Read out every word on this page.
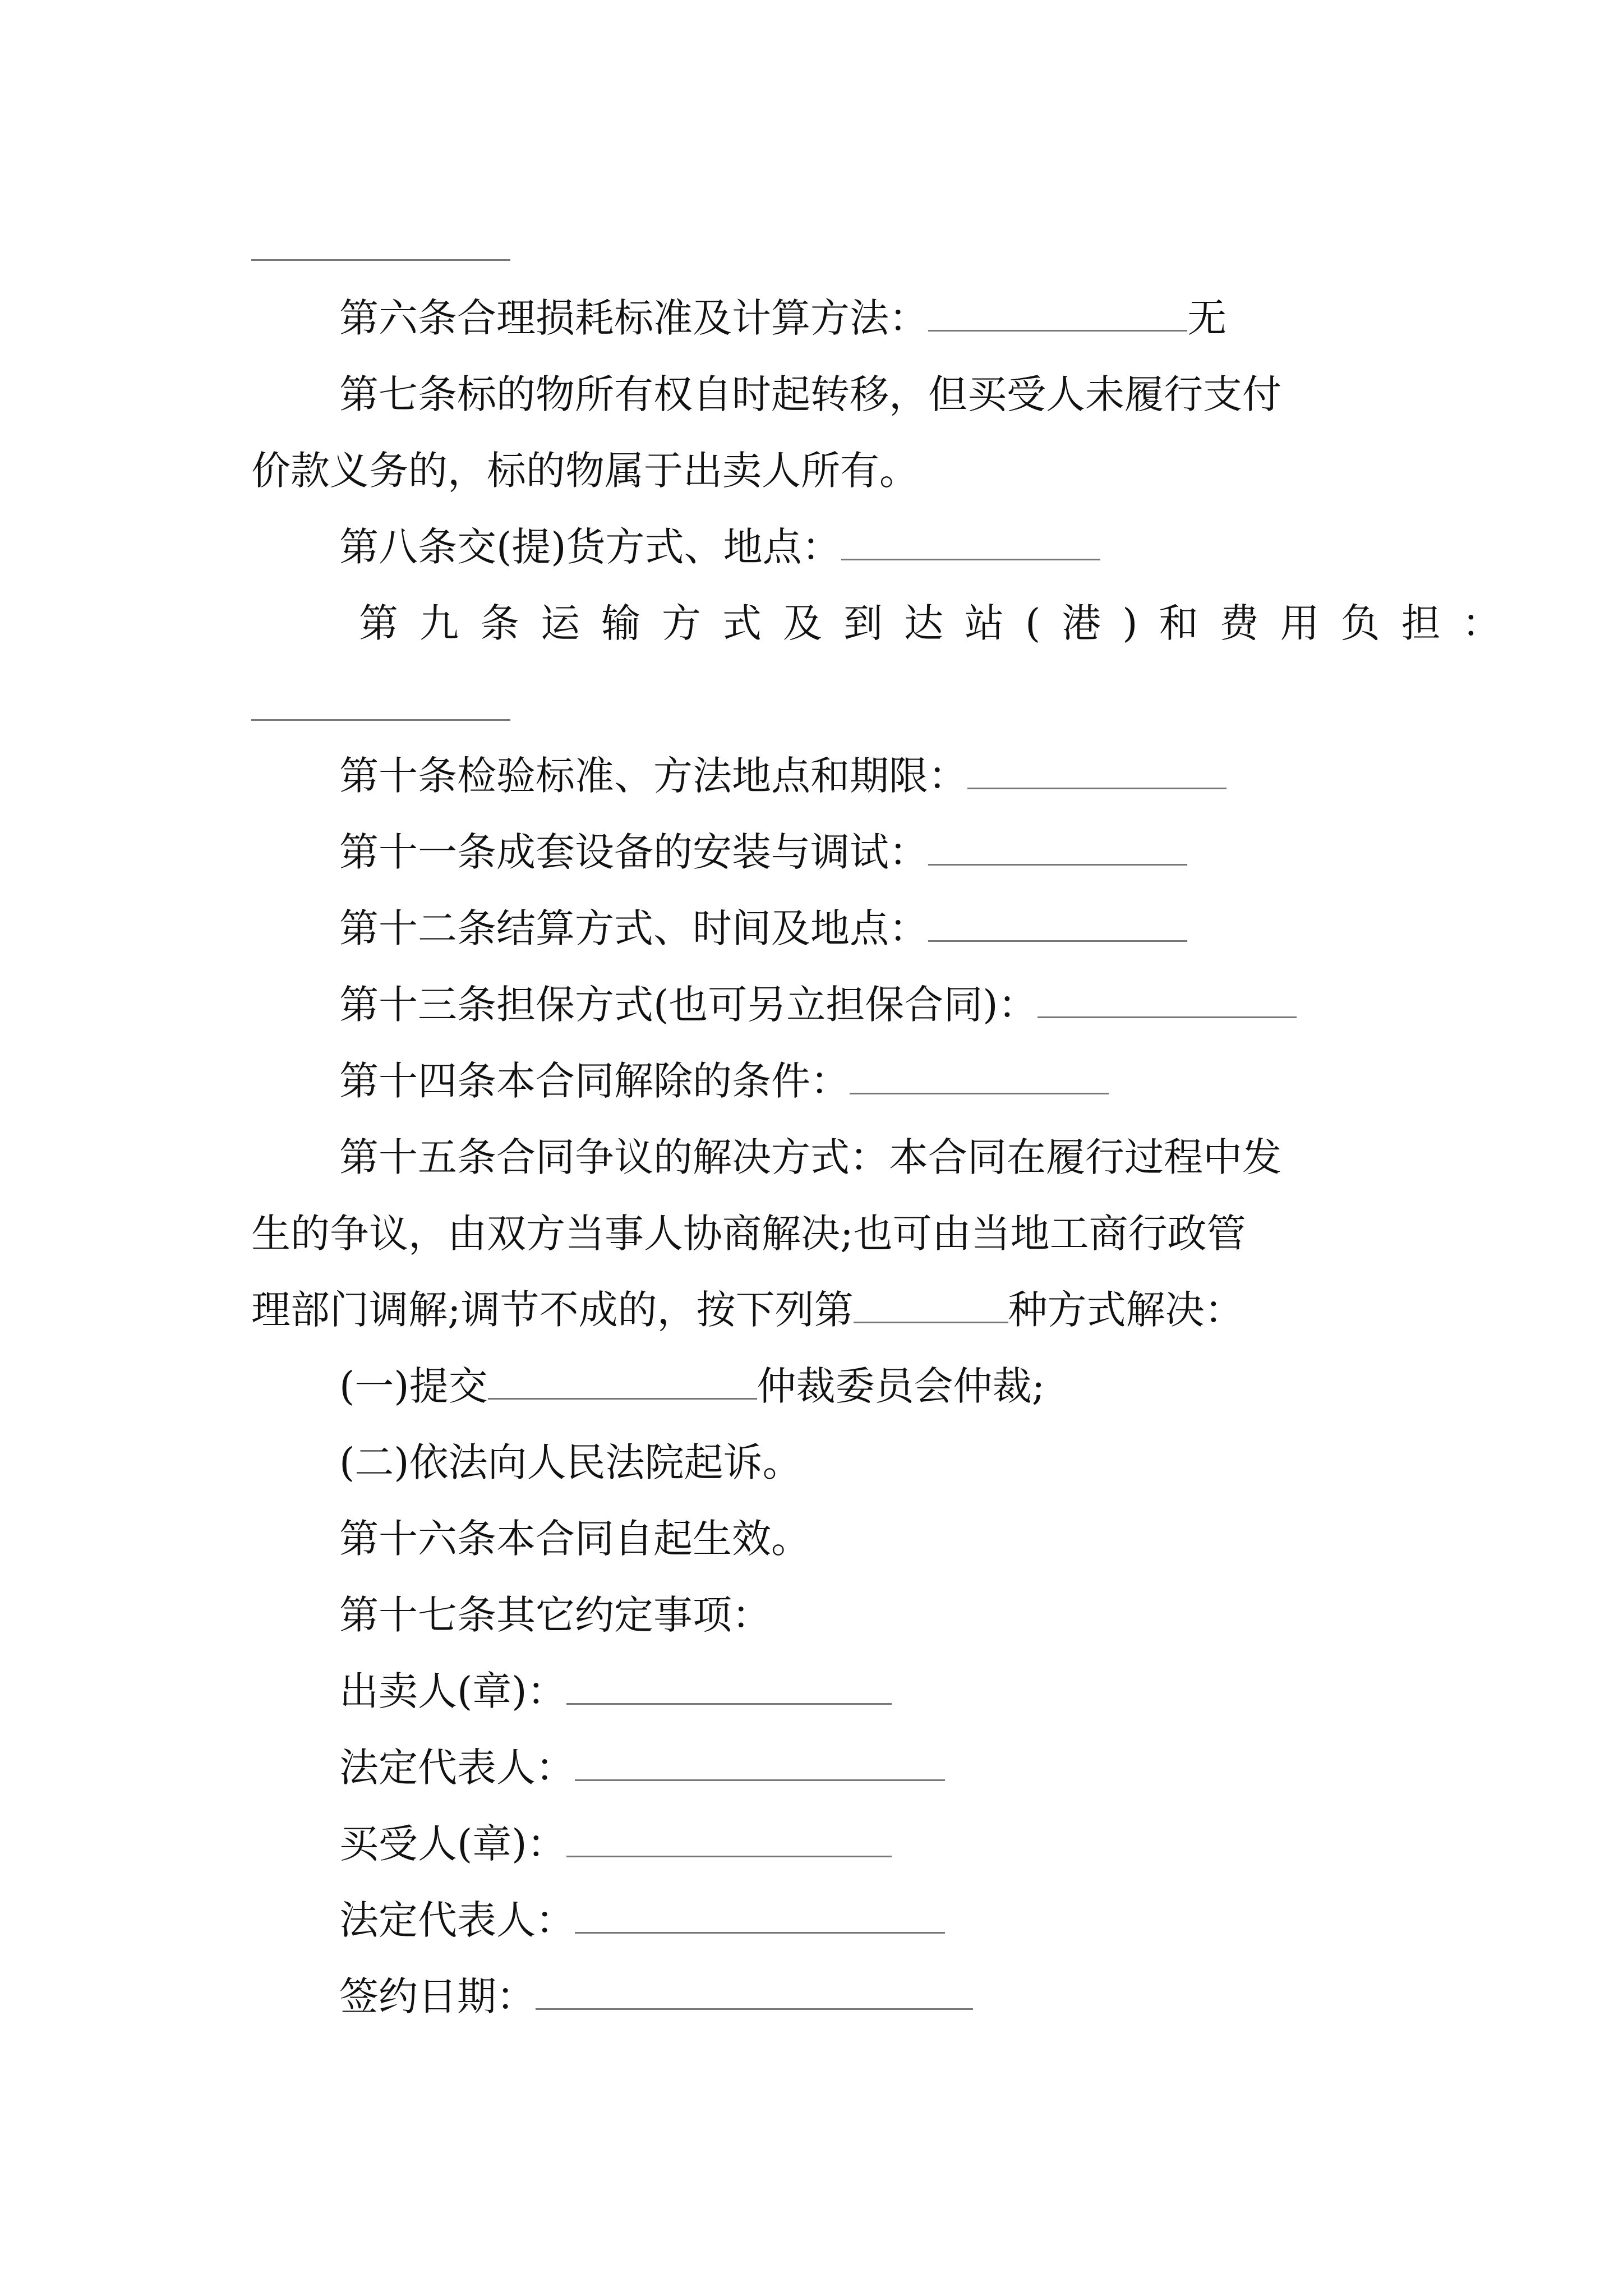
第六条合理损耗标准及计算方法：	无
第七条标的物所有权自时起转移，但买受人未履行支付
价款义务的，标的物属于出卖人所有。
第八条交(提)货方式、地点：
第九条运输方式及到达站(港)和费用负担：
第十条检验标准、方法地点和期限：
第十一条成套设备的安装与调试：
第十二条结算方式、时间及地点：
第十三条担保方式(也可另立担保合同)：
第十四条本合同解除的条件：
第十五条合同争议的解决方式：本合同在履行过程中发
生的争议，由双方当事人协商解决;也可由当地工商行政管
理部门调解;调节不成的，按下列第	种方式解决：
(一)提交	仲裁委员会仲裁;
(二)依法向人民法院起诉。
第十六条本合同自起生效。
第十七条其它约定事项：
出卖人(章)：
法定代表人：
买受人(章)：
法定代表人：
签约日期：
